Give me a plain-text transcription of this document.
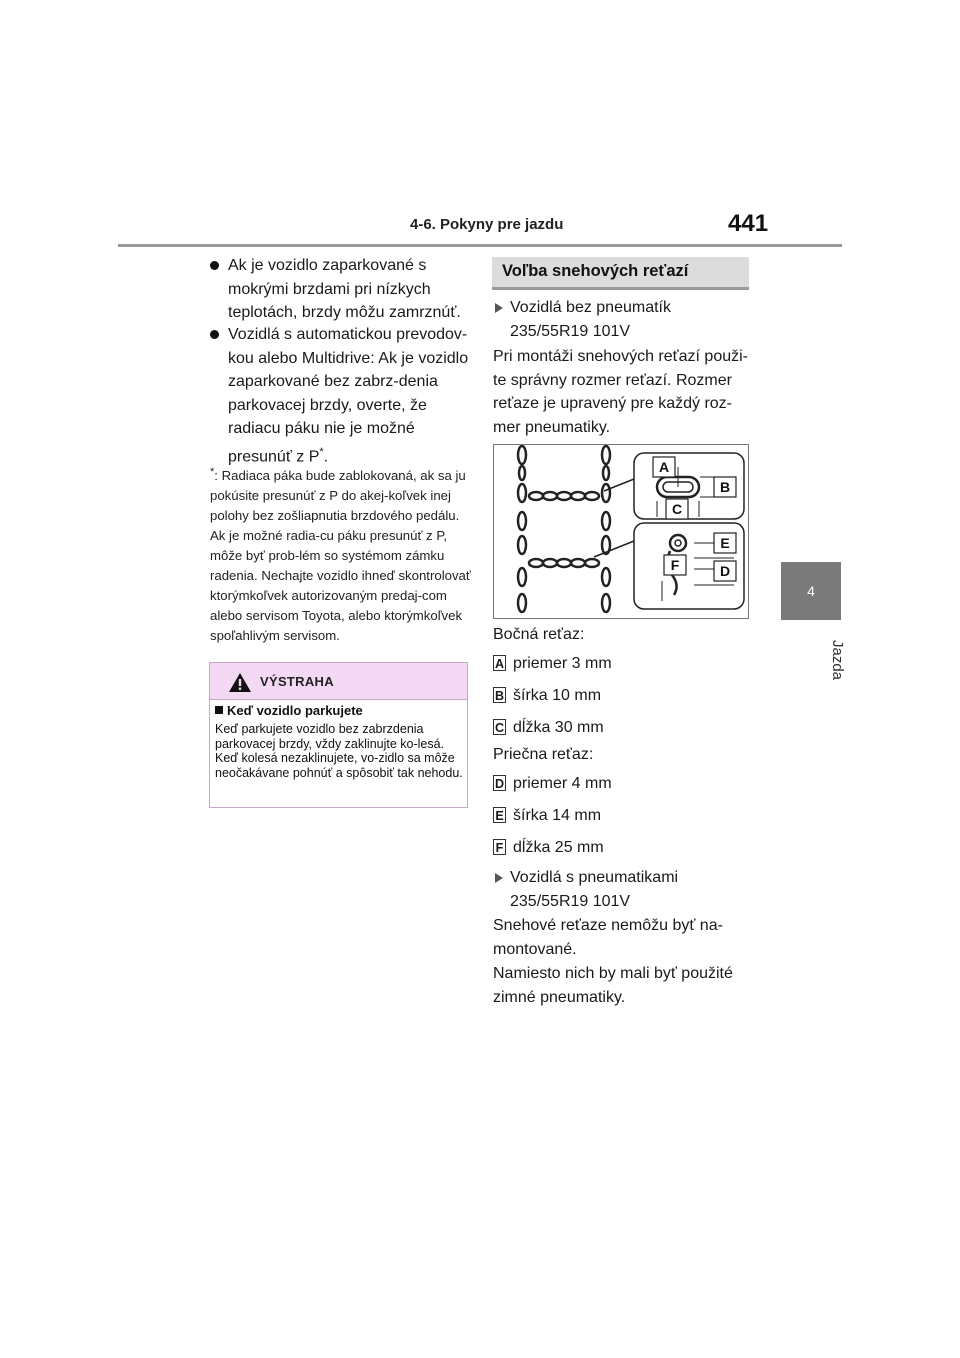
4-6. Pokyny pre jazdu	441
4
Jazda
Ak je vozidlo zaparkované s mokrými brzdami pri nízkych teplotách, brzdy môžu zamrznúť.
Vozidlá s automatickou prevodov-kou alebo Multidrive: Ak je vozidlo zaparkované bez zabrz-denia parkovacej brzdy, overte, že radiacu páku nie je možné presunúť z P*.
*: Radiaca páka bude zablokovaná, ak sa ju pokúsite presunúť z P do akej-koľvek inej polohy bez zošliapnutia brzdového pedálu. Ak je možné radia-cu páku presunúť z P, môže byť prob-lém so systémom zámku radenia. Nechajte vozidlo ihneď skontrolovať ktorýmkoľvek autorizovaným predaj-com alebo servisom Toyota, alebo ktorýmkoľvek spoľahlivým servisom.
VÝSTRAHA
Keď vozidlo parkujete
Keď parkujete vozidlo bez zabrzdenia parkovacej brzdy, vždy zaklinujte ko-lesá. Keď kolesá nezaklinujete, vo-zidlo sa môže neočakávane pohnúť a spôsobiť tak nehodu.
Voľba snehových reťazí
Vozidlá bez pneumatík 235/55R19 101V
Pri montáži snehových reťazí použi-te správny rozmer reťazí. Rozmer reťaze je upravený pre každý roz-mer pneumatiky.
A
B
C
E
F	D
Bočná reťaz:
A priemer 3 mm
B šírka 10 mm
C dĺžka 30 mm
Priečna reťaz:
D priemer 4 mm
E šírka 14 mm
F dĺžka 25 mm
Vozidlá s pneumatikami 235/55R19 101V
Snehové reťaze nemôžu byť na-montované.
Namiesto nich by mali byť použité zimné pneumatiky.
